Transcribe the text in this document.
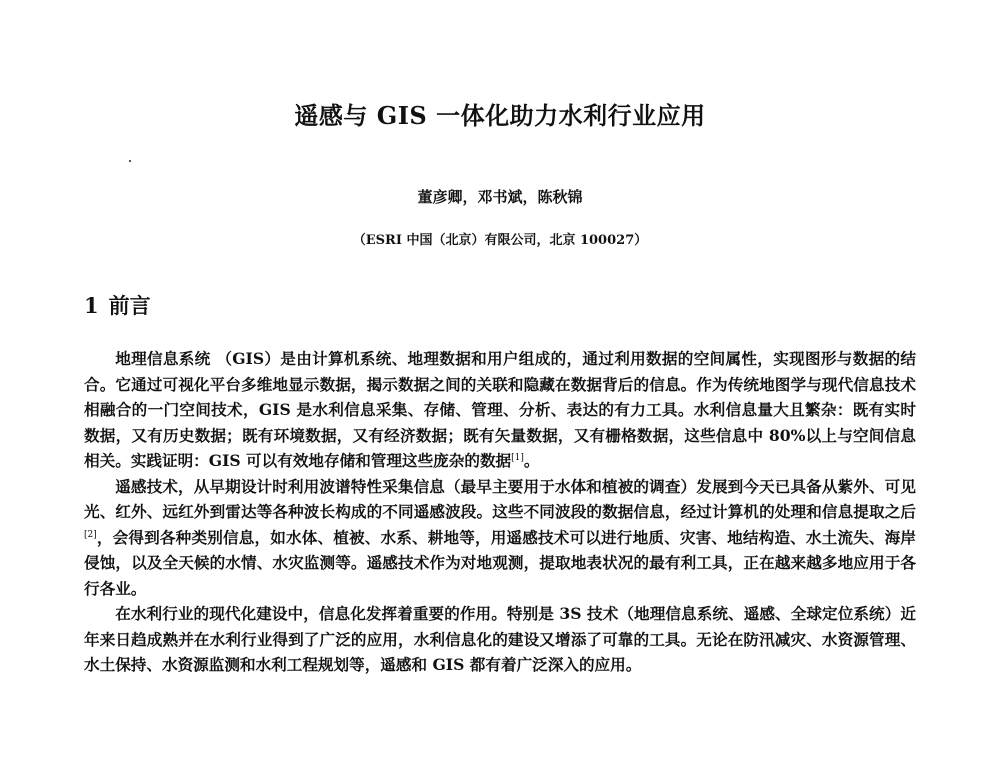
遥感与 GIS 一体化助力水利行业应用

董彦卿，邓书斌，陈秋锦

（ESRI 中国（北京）有限公司，北京 100027）

1 前言

地理信息系统 （GIS）是由计算机系统、地理数据和用户组成的，通过利用数据的空间属性，实现图形与数据的结合。它通过可视化平台多维地显示数据，揭示数据之间的关联和隐藏在数据背后的信息。作为传统地图学与现代信息技术相融合的一门空间技术，GIS 是水利信息采集、存储、管理、分析、表达的有力工具。水利信息量大且繁杂：既有实时数据，又有历史数据；既有环境数据，又有经济数据；既有矢量数据，又有栅格数据，这些信息中 80%以上与空间信息相关。实践证明：GIS 可以有效地存储和管理这些庞杂的数据[1]。

遥感技术，从早期设计时利用波谱特性采集信息（最早主要用于水体和植被的调查）发展到今天已具备从紫外、可见光、红外、远红外到雷达等各种波长构成的不同遥感波段。这些不同波段的数据信息，经过计算机的处理和信息提取之后[2]，会得到各种类别信息，如水体、植被、水系、耕地等，用遥感技术可以进行地质、灾害、地结构造、水土流失、海岸侵蚀，以及全天候的水情、水灾监测等。遥感技术作为对地观测，提取地表状况的最有利工具，正在越来越多地应用于各行各业。

在水利行业的现代化建设中，信息化发挥着重要的作用。特别是 3S 技术（地理信息系统、遥感、全球定位系统）近年来日趋成熟并在水利行业得到了广泛的应用，水利信息化的建设又增添了可靠的工具。无论在防汛减灾、水资源管理、水土保持、水资源监测和水利工程规划等，遥感和 GIS 都有着广泛深入的应用。
